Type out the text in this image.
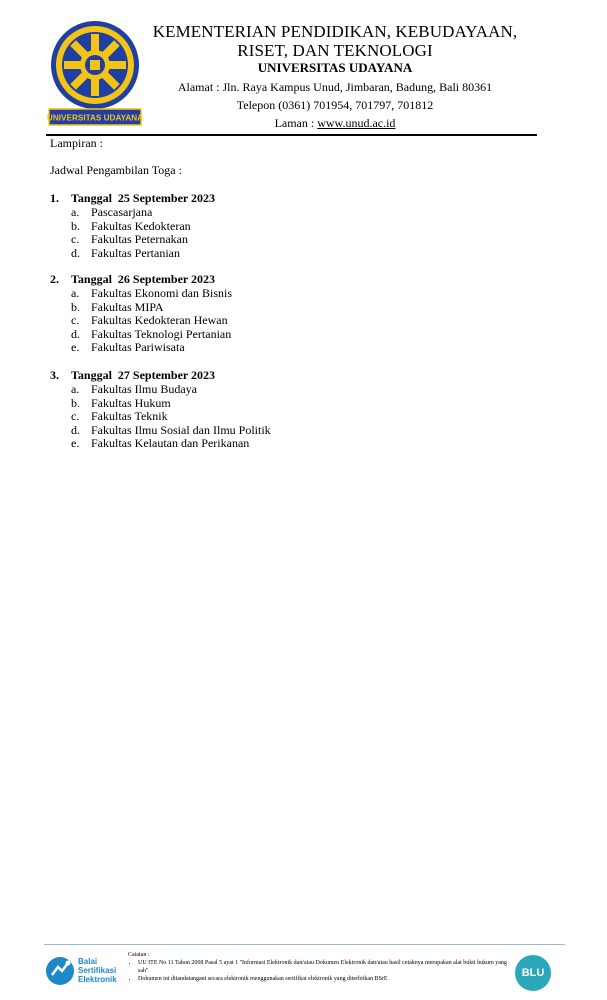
UNIVERSITAS UDAYANA
KEMENTERIAN PENDIDIKAN, KEBUDAYAAN,
RISET, DAN TEKNOLOGI
UNIVERSITAS UDAYANA
Alamat : Jln. Raya Kampus Unud, Jimbaran, Badung, Bali 80361
Telepon (0361) 701954, 701797, 701812
Laman : www.unud.ac.id
Lampiran :
Jadwal Pengambilan Toga :
1. Tanggal  25 September 2023
a. Pascasarjana
b. Fakultas Kedokteran
c. Fakultas Peternakan
d. Fakultas Pertanian
2. Tanggal  26 September 2023
a. Fakultas Ekonomi dan Bisnis
b. Fakultas MIPA
c. Fakultas Kedokteran Hewan
d. Fakultas Teknologi Pertanian
e. Fakultas Pariwisata
3. Tanggal  27 September 2023
a. Fakultas Ilmu Budaya
b. Fakultas Hukum
c. Fakultas Teknik
d. Fakultas Ilmu Sosial dan Ilmu Politik
e. Fakultas Kelautan dan Perikanan
Balai
Sertifikasi
Elektronik
Catatan :
• UU ITE No 11 Tahun 2008 Pasal 5 ayat 1 "Informasi Elektronik dan/atau Dokumen Elektronik dan/atau hasil cetaknya merupakan alat bukti hukum yang sah"
• Dokumen ini ditandatangani secara elektronik menggunakan sertifikat elektronik yang diterbitkan BSrE	BLU
